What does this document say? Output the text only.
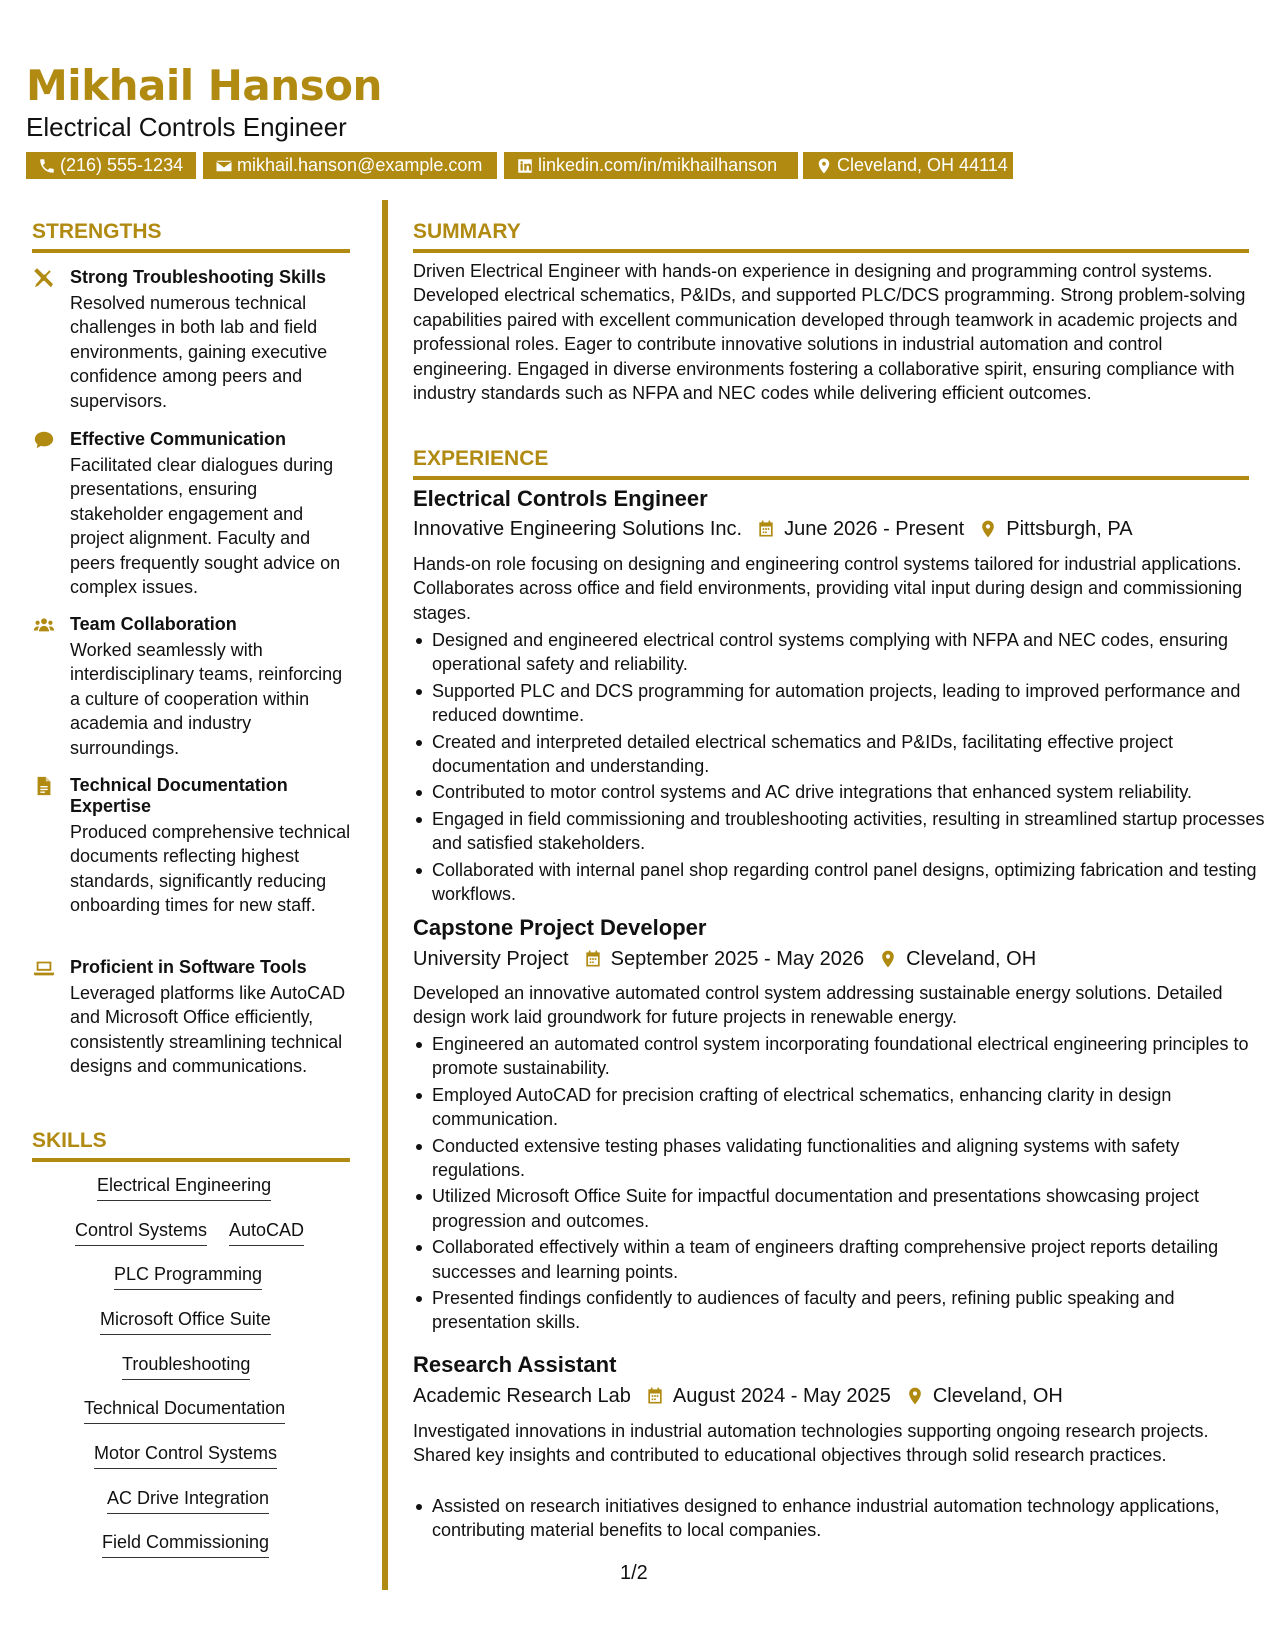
Mikhail Hanson
Electrical Controls Engineer
(216) 555-1234	mikhail.hanson@example.com	linkedin.com/in/mikhailhanson	Cleveland, OH 44114
STRENGTHS
Strong Troubleshooting Skills
Resolved numerous technical challenges in both lab and field environments, gaining executive confidence among peers and supervisors.
Effective Communication
Facilitated clear dialogues during presentations, ensuring stakeholder engagement and project alignment. Faculty and peers frequently sought advice on complex issues.
Team Collaboration
Worked seamlessly with interdisciplinary teams, reinforcing a culture of cooperation within academia and industry surroundings.
Technical Documentation Expertise
Produced comprehensive technical documents reflecting highest standards, significantly reducing onboarding times for new staff.
Proficient in Software Tools
Leveraged platforms like AutoCAD and Microsoft Office efficiently, consistently streamlining technical designs and communications.
SKILLS
Electrical Engineering
Control Systems AutoCAD
PLC Programming
Microsoft Office Suite
Troubleshooting
Technical Documentation
Motor Control Systems
AC Drive Integration
Field Commissioning
SUMMARY
Driven Electrical Engineer with hands-on experience in designing and programming control systems. Developed electrical schematics, P&IDs, and supported PLC/DCS programming. Strong problem-solving capabilities paired with excellent communication developed through teamwork in academic projects and professional roles. Eager to contribute innovative solutions in industrial automation and control engineering. Engaged in diverse environments fostering a collaborative spirit, ensuring compliance with industry standards such as NFPA and NEC codes while delivering efficient outcomes.
EXPERIENCE
Electrical Controls Engineer
Innovative Engineering Solutions Inc. June 2026 - Present Pittsburgh, PA
Hands-on role focusing on designing and engineering control systems tailored for industrial applications. Collaborates across office and field environments, providing vital input during design and commissioning stages.
Designed and engineered electrical control systems complying with NFPA and NEC codes, ensuring operational safety and reliability.
Supported PLC and DCS programming for automation projects, leading to improved performance and reduced downtime.
Created and interpreted detailed electrical schematics and P&IDs, facilitating effective project documentation and understanding.
Contributed to motor control systems and AC drive integrations that enhanced system reliability.
Engaged in field commissioning and troubleshooting activities, resulting in streamlined startup processes and satisfied stakeholders.
Collaborated with internal panel shop regarding control panel designs, optimizing fabrication and testing workflows.
Capstone Project Developer
University Project September 2025 - May 2026 Cleveland, OH
Developed an innovative automated control system addressing sustainable energy solutions. Detailed design work laid groundwork for future projects in renewable energy.
Engineered an automated control system incorporating foundational electrical engineering principles to promote sustainability.
Employed AutoCAD for precision crafting of electrical schematics, enhancing clarity in design communication.
Conducted extensive testing phases validating functionalities and aligning systems with safety regulations.
Utilized Microsoft Office Suite for impactful documentation and presentations showcasing project progression and outcomes.
Collaborated effectively within a team of engineers drafting comprehensive project reports detailing successes and learning points.
Presented findings confidently to audiences of faculty and peers, refining public speaking and presentation skills.
Research Assistant
Academic Research Lab August 2024 - May 2025 Cleveland, OH
Investigated innovations in industrial automation technologies supporting ongoing research projects. Shared key insights and contributed to educational objectives through solid research practices.
Assisted on research initiatives designed to enhance industrial automation technology applications, contributing material benefits to local companies.
1/2
